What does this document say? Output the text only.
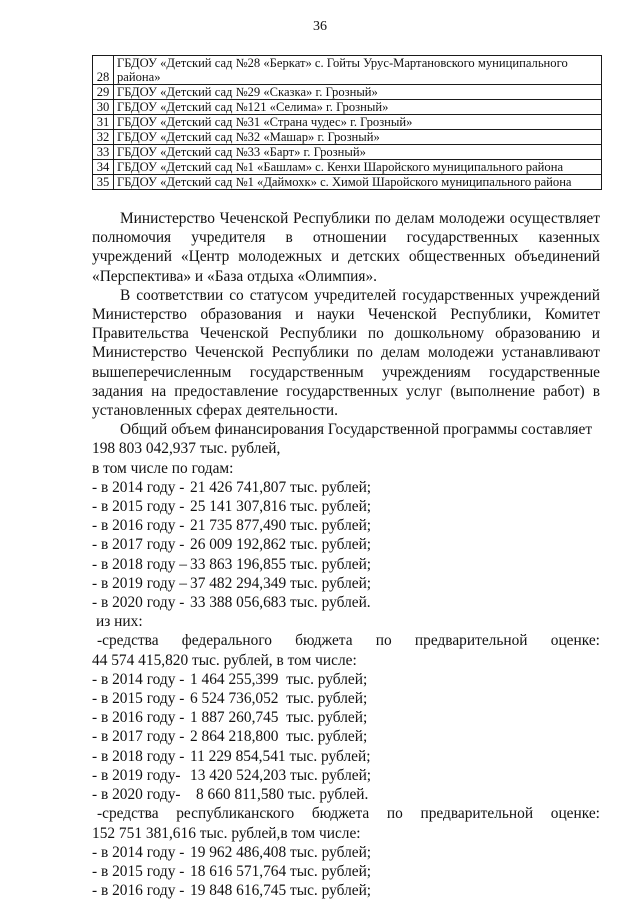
36
28	ГБДОУ «Детский сад №28 «Беркат» с. Гойты Урус-Мартановского муниципального
района»

29	ГБДОУ «Детский сад №29 «Сказка» г. Грозный»
30	ГБДОУ «Детский сад №121 «Селима» г. Грозный»
31	ГБДОУ «Детский сад №31 «Страна чудес» г. Грозный»
32	ГБДОУ «Детский сад №32 «Машар» г. Грозный»
33	ГБДОУ «Детский сад №33 «Барт» г. Грозный»
34	ГБДОУ «Детский сад №1 «Башлам» с. Кенхи Шаройского муниципального района
35	ГБДОУ «Детский сад №1 «Даймохк» с. Химой Шаройского муниципального района

Министерство Чеченской Республики по делам молодежи осуществляет полномочия учредителя в отношении государственных казенных учреждений «Центр молодежных и детских общественных объединений «Перспектива» и «База отдыха «Олимпия».

В соответствии со статусом учредителей государственных учреждений Министерство образования и науки Чеченской Республики, Комитет Правительства Чеченской Республики по дошкольному образованию и Министерство Чеченской Республики по делам молодежи устанавливают вышеперечисленным государственным учреждениям государственные задания на предоставление государственных услуг (выполнение работ) в установленных сферах деятельности.

Общий объем финансирования Государственной программы составляет

198 803 042,937 тыс. рублей,

в том числе по годам:

- в 2014 году - 21 426 741,807 тыс. рублей;

- в 2015 году - 25 141 307,816 тыс. рублей;

- в 2016 году - 21 735 877,490 тыс. рублей;

- в 2017 году - 26 009 192,862 тыс. рублей;

- в 2018 году – 33 863 196,855 тыс. рублей;

- в 2019 году – 37 482 294,349 тыс. рублей;

- в 2020 году - 33 388 056,683 тыс. рублей.

из них:

-средства федерального бюджета по предварительной оценке:

44 574 415,820 тыс. рублей, в том числе:

- в 2014 году - 1 464 255,399  тыс. рублей;

- в 2015 году - 6 524 736,052  тыс. рублей;

- в 2016 году - 1 887 260,745  тыс. рублей;

- в 2017 году - 2 864 218,800  тыс. рублей;

- в 2018 году - 11 229 854,541 тыс. рублей;

- в 2019 году- 13 420 524,203 тыс. рублей;

- в 2020 году-	8 660 811,580 тыс. рублей.

-средства республиканского бюджета по предварительной оценке:

152 751 381,616 тыс. рублей,в том числе:

- в 2014 году - 19 962 486,408 тыс. рублей;

- в 2015 году - 18 616 571,764 тыс. рублей;

- в 2016 году - 19 848 616,745 тыс. рублей;
